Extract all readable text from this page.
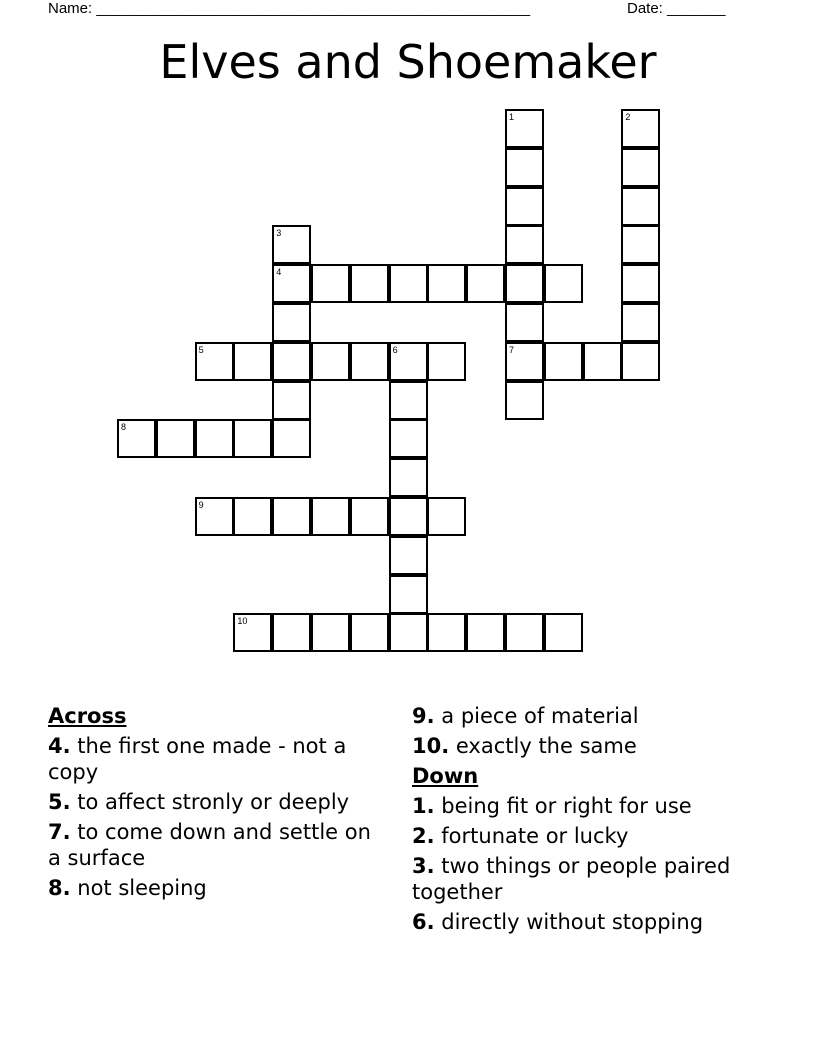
Name: ____________________________________________________	Date: _______
Elves and Shoemaker
1	2
3
4
5	6	7
8
9
10
Across
4. the first one made - not a copy
5. to affect stronly or deeply
7. to come down and settle on a surface
8. not sleeping
9. a piece of material
10. exactly the same
Down
1. being fit or right for use
2. fortunate or lucky
3. two things or people paired together
6. directly without stopping
